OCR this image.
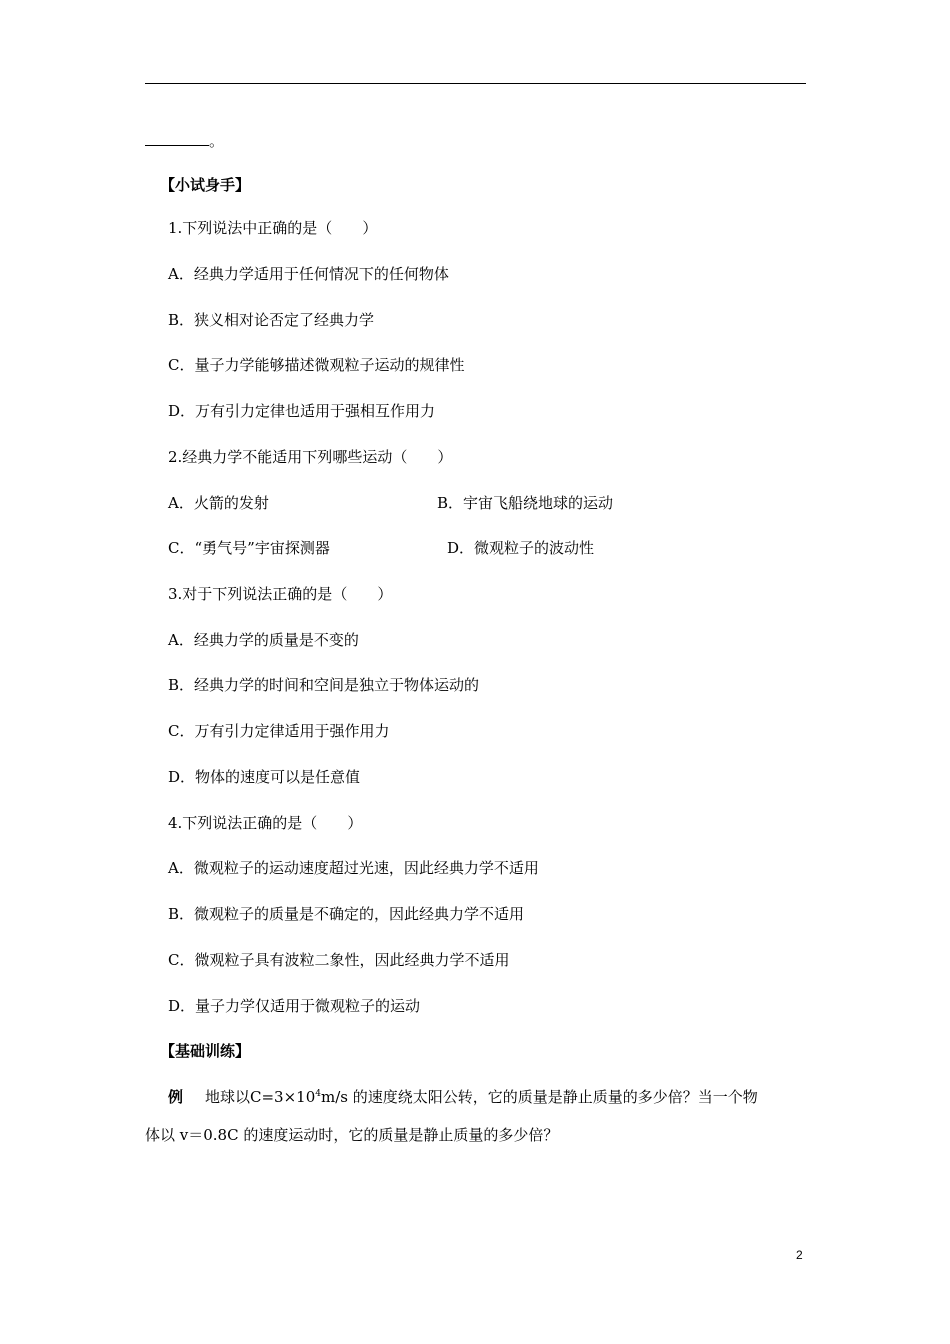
。
【小试身手】
1.下列说法中正确的是（　　）
A．经典力学适用于任何情况下的任何物体
B．狭义相对论否定了经典力学
C．量子力学能够描述微观粒子运动的规律性
D．万有引力定律也适用于强相互作用力
2.经典力学不能适用下列哪些运动（　　）
A．火箭的发射	B．宇宙飞船绕地球的运动
C．“勇气号”宇宙探测器	D．微观粒子的波动性
3.对于下列说法正确的是（　　）
A．经典力学的质量是不变的
B．经典力学的时间和空间是独立于物体运动的
C．万有引力定律适用于强作用力
D．物体的速度可以是任意值
4.下列说法正确的是（　　）
A．微观粒子的运动速度超过光速，因此经典力学不适用
B．微观粒子的质量是不确定的，因此经典力学不适用
C．微观粒子具有波粒二象性，因此经典力学不适用
D．量子力学仅适用于微观粒子的运动
【基础训练】
例 地球以$C=3\times 10^4m/s$ 的速度绕太阳公转，它的质量是静止质量的多少倍？当一个物
体以 v＝0.8C 的速度运动时，它的质量是静止质量的多少倍？
2
